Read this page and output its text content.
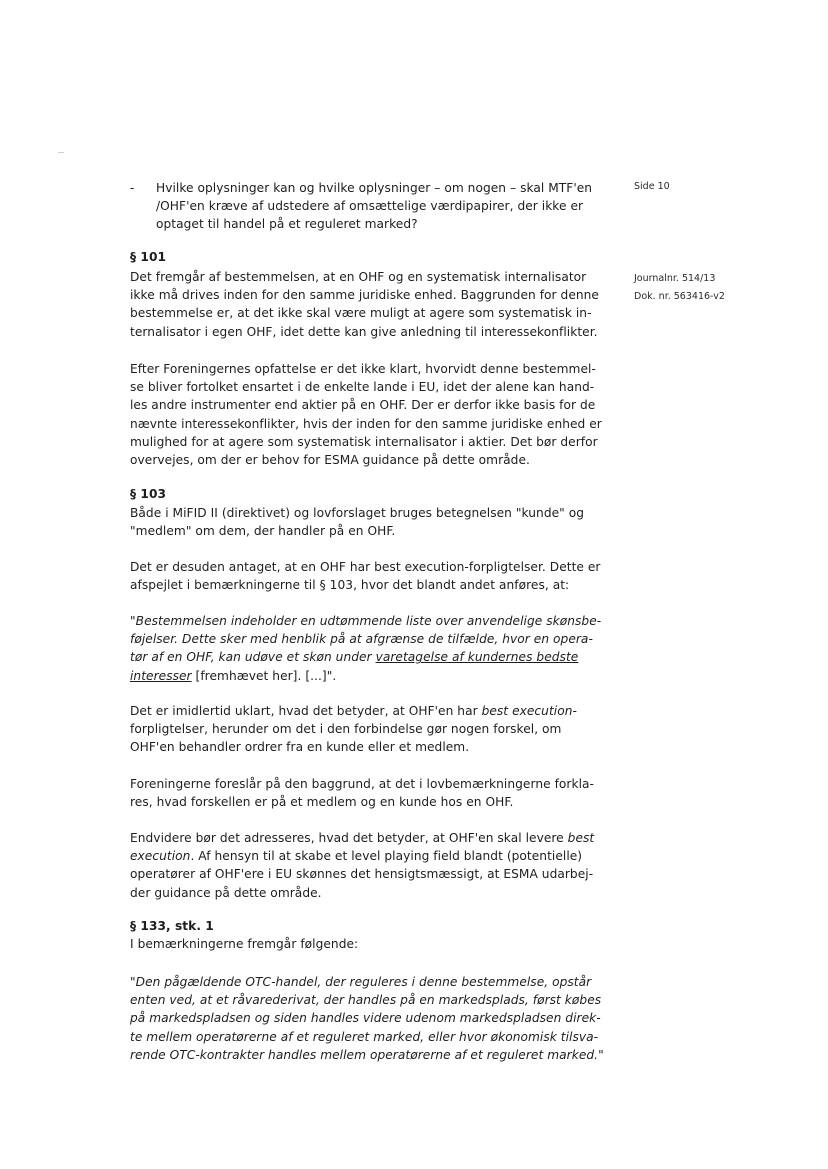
Side 10
Journalnr. 514/13
Dok. nr. 563416-v2
- Hvilke oplysninger kan og hvilke oplysninger – om nogen – skal MTF'en
/OHF'en kræve af udstedere af omsættelige værdipapirer, der ikke er
optaget til handel på et reguleret marked?
§ 101
Det fremgår af bestemmelsen, at en OHF og en systematisk internalisator
ikke må drives inden for den samme juridiske enhed. Baggrunden for denne
bestemmelse er, at det ikke skal være muligt at agere som systematisk in-
ternalisator i egen OHF, idet dette kan give anledning til interessekonflikter.
Efter Foreningernes opfattelse er det ikke klart, hvorvidt denne bestemmel-
se bliver fortolket ensartet i de enkelte lande i EU, idet der alene kan hand-
les andre instrumenter end aktier på en OHF. Der er derfor ikke basis for de
nævnte interessekonflikter, hvis der inden for den samme juridiske enhed er
mulighed for at agere som systematisk internalisator i aktier. Det bør derfor
overvejes, om der er behov for ESMA guidance på dette område.
§ 103
Både i MiFID II (direktivet) og lovforslaget bruges betegnelsen "kunde" og
"medlem" om dem, der handler på en OHF.
Det er desuden antaget, at en OHF har best execution-forpligtelser. Dette er
afspejlet i bemærkningerne til § 103, hvor det blandt andet anføres, at:
"Bestemmelsen indeholder en udtømmende liste over anvendelige skønsbe-
føjelser. Dette sker med henblik på at afgrænse de tilfælde, hvor en opera-
tør af en OHF, kan udøve et skøn under varetagelse af kundernes bedste
interesser [fremhævet her]. [...]".
Det er imidlertid uklart, hvad det betyder, at OHF'en har best execution-
forpligtelser, herunder om det i den forbindelse gør nogen forskel, om
OHF'en behandler ordrer fra en kunde eller et medlem.
Foreningerne foreslår på den baggrund, at det i lovbemærkningerne forkla-
res, hvad forskellen er på et medlem og en kunde hos en OHF.
Endvidere bør det adresseres, hvad det betyder, at OHF'en skal levere best
execution. Af hensyn til at skabe et level playing field blandt (potentielle)
operatører af OHF'ere i EU skønnes det hensigtsmæssigt, at ESMA udarbej-
der guidance på dette område.
§ 133, stk. 1
I bemærkningerne fremgår følgende:
"Den pågældende OTC-handel, der reguleres i denne bestemmelse, opstår
enten ved, at et råvarederivat, der handles på en markedsplads, først købes
på markedspladsen og siden handles videre udenom markedspladsen direk-
te mellem operatørerne af et reguleret marked, eller hvor økonomisk tilsva-
rende OTC-kontrakter handles mellem operatørerne af et reguleret marked."
